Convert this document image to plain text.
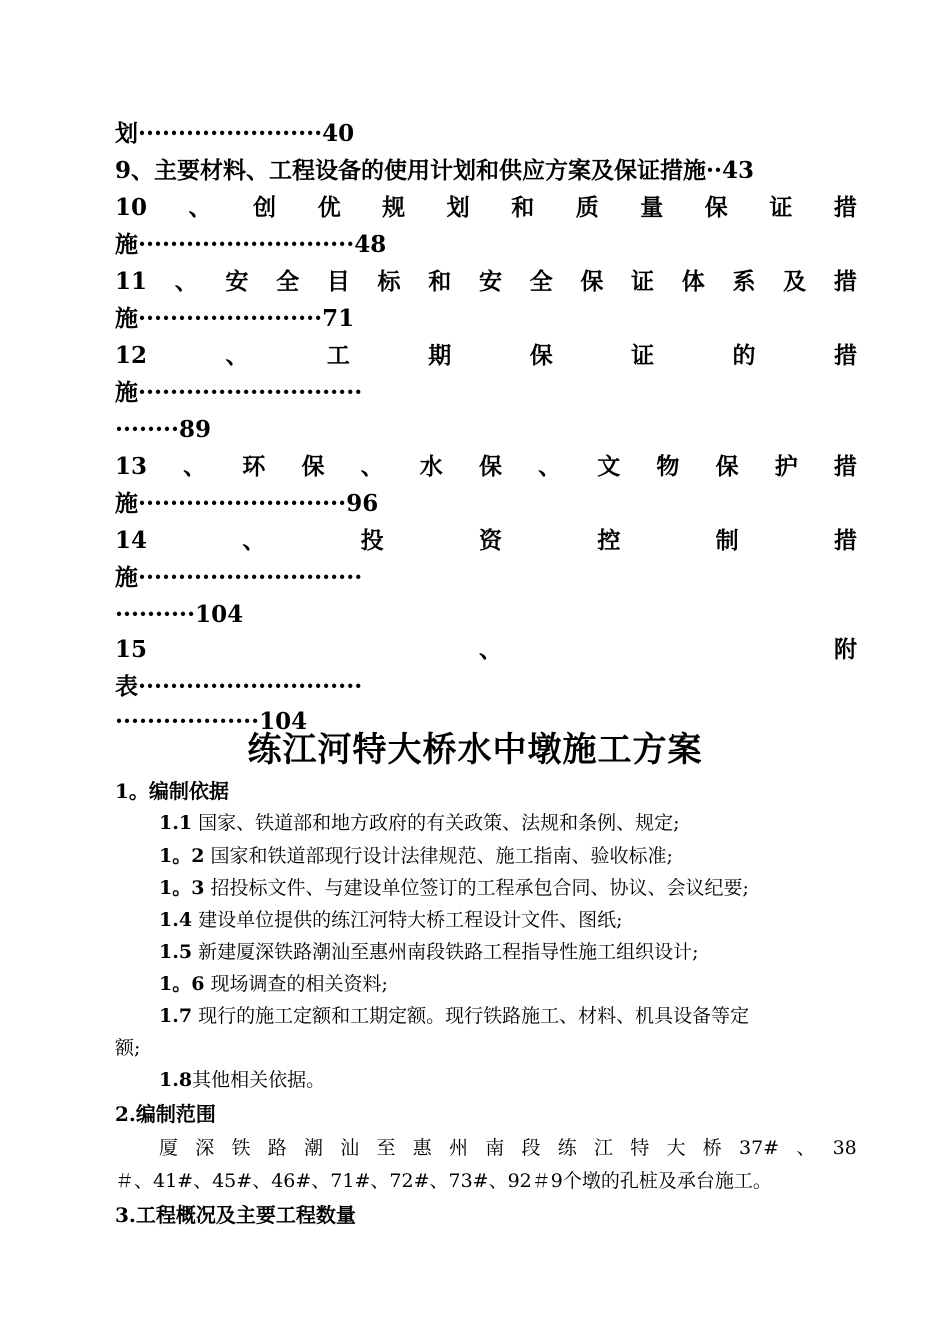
划·······················40
9、主要材料、工程设备的使用计划和供应方案及保证措施··43
10 、 创 优 规 划 和 质 量 保 证 措
施···························48
11 、 安 全 目 标 和 安 全 保 证 体 系 及 措
施·······················71
12	、	工	期	保	证	的	措
施····························
········89
13 、 环 保 、 水 保 、 文 物 保 护 措
施··························96
14	、	投	资	控	制	措
施····························
··········104
15	、	附
表····························
··················104
练江河特大桥水中墩施工方案
1。编制依据
1.1 国家、铁道部和地方政府的有关政策、法规和条例、规定;
1。2 国家和铁道部现行设计法律规范、施工指南、验收标准;
1。3 招投标文件、与建设单位签订的工程承包合同、协议、会议纪要;
1.4 建设单位提供的练江河特大桥工程设计文件、图纸;
1.5 新建厦深铁路潮汕至惠州南段铁路工程指导性施工组织设计;
1。6 现场调查的相关资料;
1.7 现行的施工定额和工期定额。现行铁路施工、材料、机具设备等定
额;
1.8其他相关依据。
2.编制范围
厦 深 铁 路 潮 汕 至 惠 州 南 段 练 江 特 大 桥 37# 、 38
＃、41#、45#、46#、71#、72#、73#、92＃9个墩的孔桩及承台施工。
3.工程概况及主要工程数量
